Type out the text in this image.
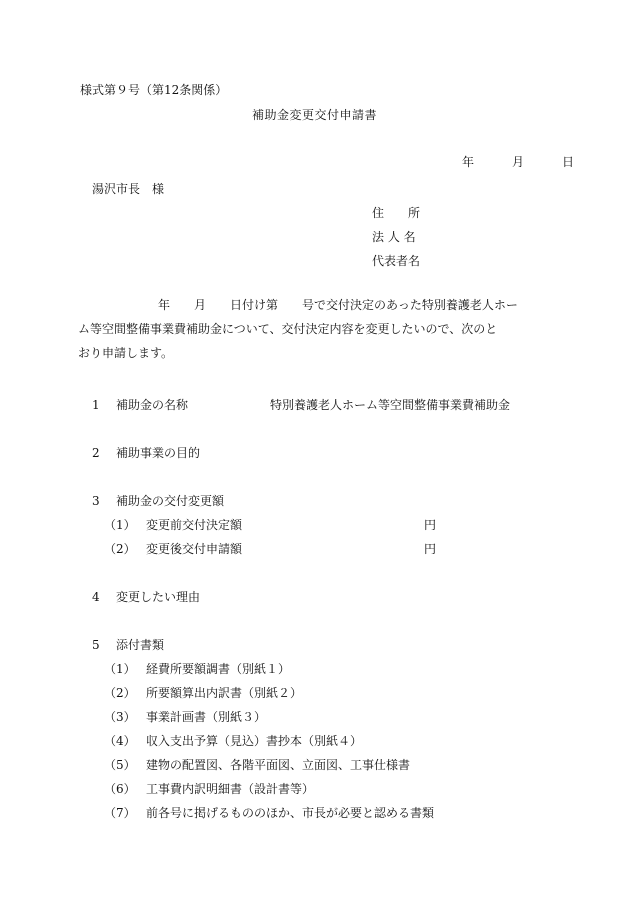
様式第９号（第12条関係）
補助金変更交付申請書
年	月	日
湯沢市長　様
住　　所
法 人 名
代表者名

年　　月　　日付け第　　号で交付決定のあった特別養護老人ホー

ム等空間整備事業費補助金について、交付決定内容を変更したいので、次のと

おり申請します。

1 補助金の名称	特別養護老人ホーム等空間整備事業費補助金
2 補助事業の目的
3 補助金の交付変更額
（1） 変更前交付決定額	円
（2） 変更後交付申請額	円
4 変更したい理由
5 添付書類
（1） 経費所要額調書（別紙１）
（2） 所要額算出内訳書（別紙２）
（3） 事業計画書（別紙３）
（4） 収入支出予算（見込）書抄本（別紙４）
（5） 建物の配置図、各階平面図、立面図、工事仕様書
（6） 工事費内訳明細書（設計書等）
（7） 前各号に掲げるもののほか、市長が必要と認める書類
